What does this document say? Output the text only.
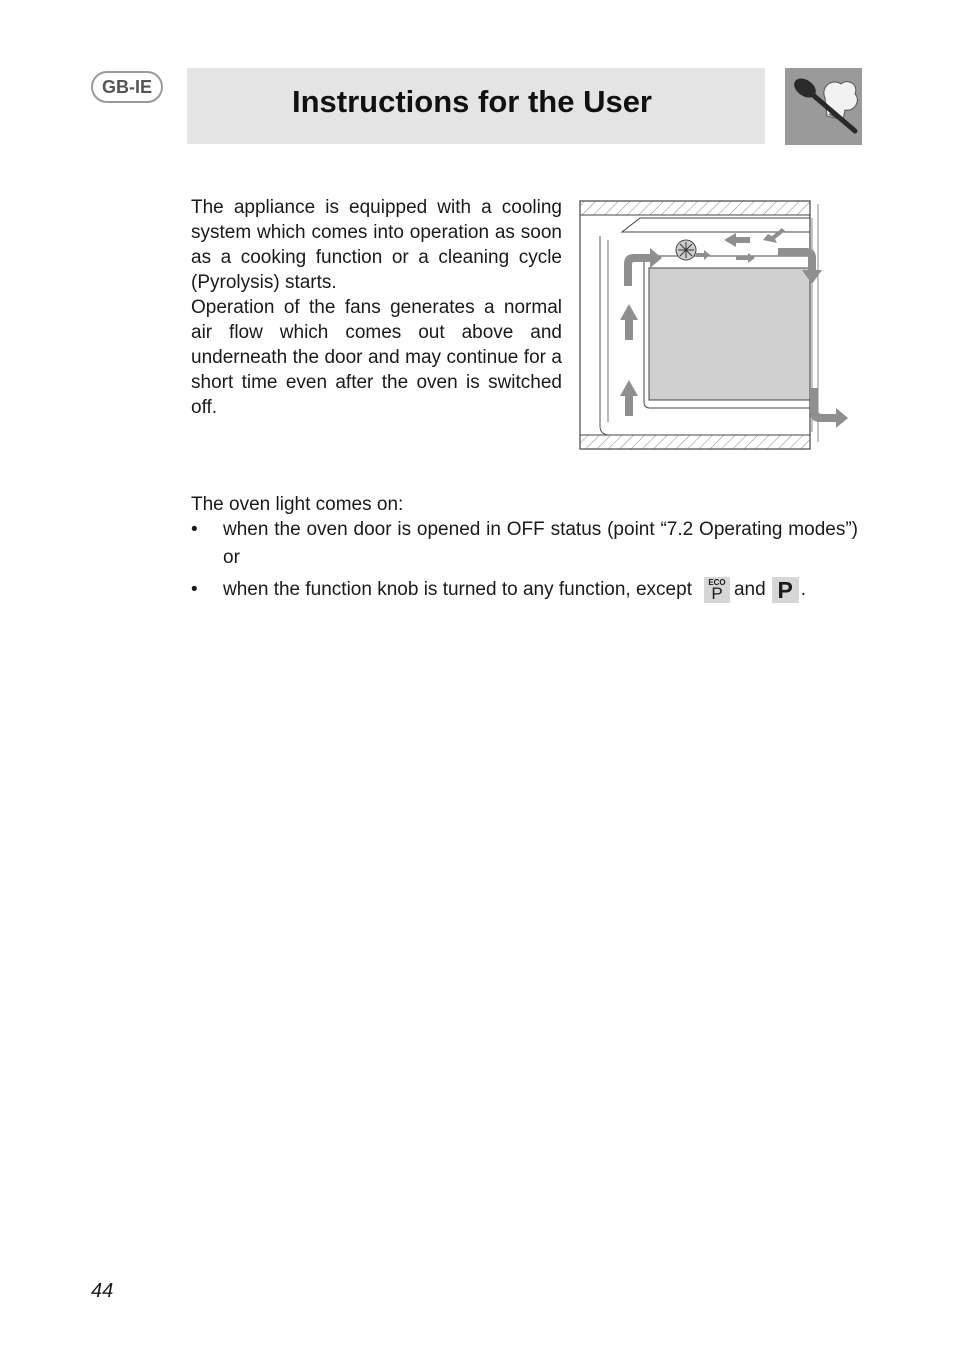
GB-IE	Instructions for the User

The appliance is equipped with a cooling system which comes into operation as soon as a cooking function or a cleaning cycle (Pyrolysis) starts.

Operation of the fans generates a normal air flow which comes out above and underneath the door and may continue for a short time even after the oven is switched off.

The oven light comes on:
• when the oven door is opened in OFF status (point “7.2 Operating modes”) or
• when the function knob is turned to any function, except	ECO
P and P .
44
